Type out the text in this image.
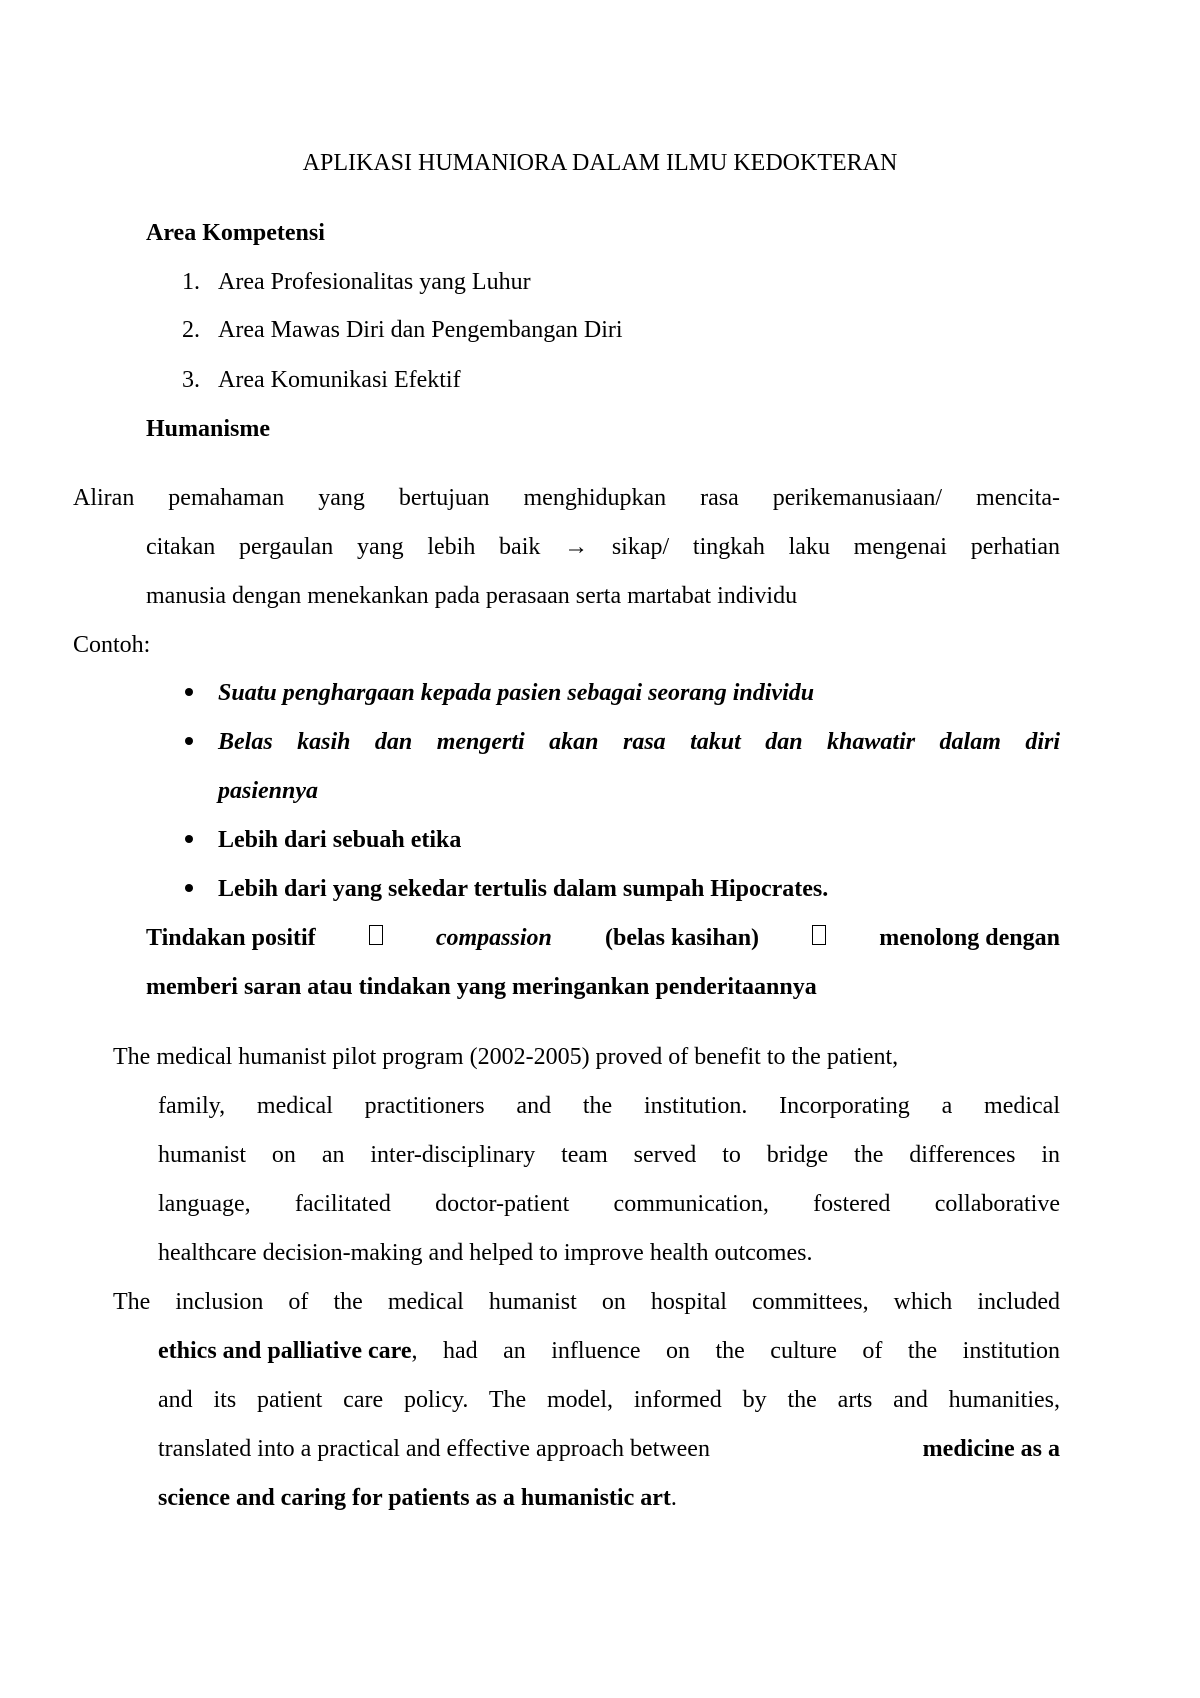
APLIKASI HUMANIORA DALAM ILMU KEDOKTERAN
Area Kompetensi
1. Area Profesionalitas yang Luhur
2. Area Mawas Diri dan Pengembangan Diri
3. Area Komunikasi Efektif
Humanisme
Aliran pemahaman yang bertujuan menghidupkan rasa perikemanusiaan/ mencita-
citakan pergaulan yang lebih baik → sikap/ tingkah laku mengenai perhatian
manusia dengan menekankan pada perasaan serta martabat individu
Contoh:
Suatu penghargaan kepada pasien sebagai seorang individu
Belas kasih dan mengerti akan rasa takut dan khawatir dalam diri
pasiennya
Lebih dari sebuah etika
Lebih dari yang sekedar tertulis dalam sumpah Hipocrates.
Tindakan positif	compassion (belas kasihan)	menolong dengan
memberi saran atau tindakan yang meringankan penderitaannya
The medical humanist pilot program (2002-2005) proved of benefit to the patient,
family, medical practitioners and the institution. Incorporating a medical
humanist on an inter-disciplinary team served to bridge the differences in
language, facilitated doctor-patient communication, fostered collaborative
healthcare decision-making and helped to improve health outcomes.
The inclusion of the medical humanist on hospital committees, which included
ethics and palliative care , had an influence on the culture of the institution
and its patient care policy. The model, informed by the arts and humanities,
translated into a practical and effective approach between	medicine as a
science and caring for patients as a humanistic art.
